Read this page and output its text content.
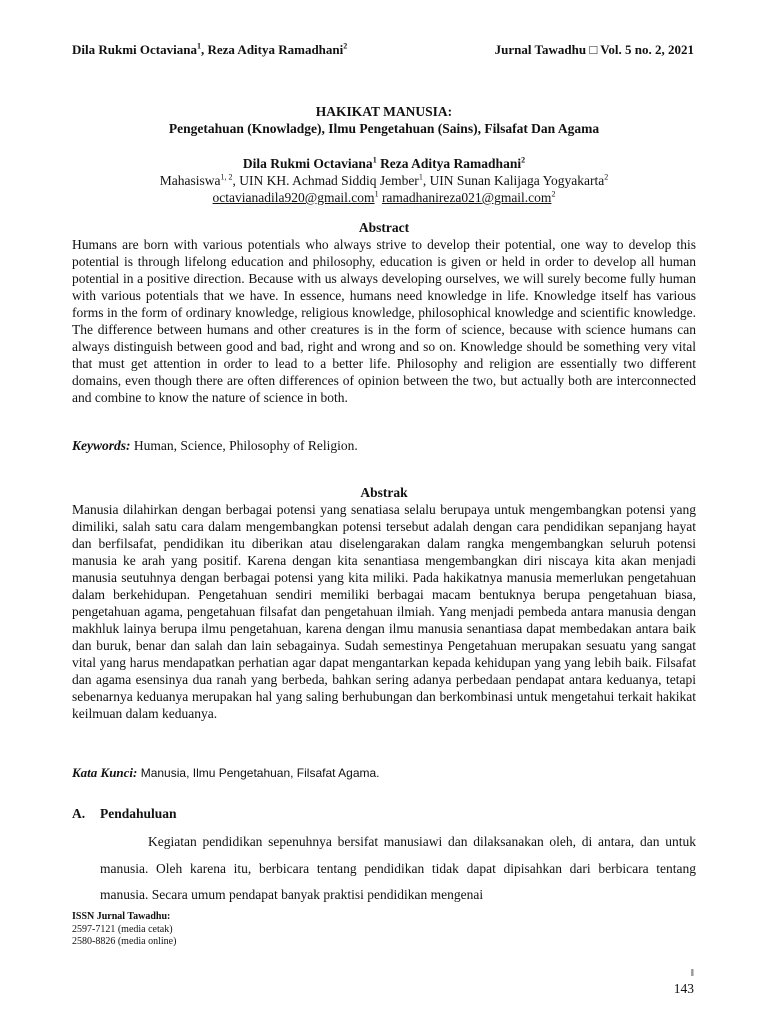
Dila Rukmi Octaviana$^1$, Reza Aditya Ramadhani$^2$	Jurnal Tawadhu □ Vol. 5 no. 2, 2021

HAKIKAT MANUSIA:

Pengetahuan (Knowladge), Ilmu Pengetahuan (Sains), Filsafat Dan Agama

Dila Rukmi Octaviana$^1$ Reza Aditya Ramadhani$^2$

Mahasiswa$^{1, 2}$, UIN KH. Achmad Siddiq Jember$^1$, UIN Sunan Kalijaga Yogyakarta$^2$

octavianadila920@gmail.com$^1$ ramadhanireza021@gmail.com$^2$

Abstract

Humans are born with various potentials who always strive to develop their potential, one way to develop this potential is through lifelong education and philosophy, education is given or held in order to develop all human potential in a positive direction. Because with us always developing ourselves, we will surely become fully human with various potentials that we have. In essence, humans need knowledge in life. Knowledge itself has various forms in the form of ordinary knowledge, religious knowledge, philosophical knowledge and scientific knowledge. The difference between humans and other creatures is in the form of science, because with science humans can always distinguish between good and bad, right and wrong and so on. Knowledge should be something very vital that must get attention in order to lead to a better life. Philosophy and religion are essentially two different domains, even though there are often differences of opinion between the two, but actually both are interconnected and combine to know the nature of science in both.

Keywords: Human, Science, Philosophy of Religion.
Abstrak

Manusia dilahirkan dengan berbagai potensi yang senatiasa selalu berupaya untuk mengembangkan potensi yang dimiliki, salah satu cara dalam mengembangkan potensi tersebut adalah dengan cara pendidikan sepanjang hayat dan berfilsafat, pendidikan itu diberikan atau diselengarakan dalam rangka mengembangkan seluruh potensi manusia ke arah yang positif. Karena dengan kita senantiasa mengembangkan diri niscaya kita akan menjadi manusia seutuhnya dengan berbagai potensi yang kita miliki. Pada hakikatnya manusia memerlukan pengetahuan dalam berkehidupan. Pengetahuan sendiri memiliki berbagai macam bentuknya berupa pengetahuan biasa, pengetahuan agama, pengetahuan filsafat dan pengetahuan ilmiah. Yang menjadi pembeda antara manusia dengan makhluk lainya berupa ilmu pengetahuan, karena dengan ilmu manusia senantiasa dapat membedakan antara baik dan buruk, benar dan salah dan lain sebagainya. Sudah semestinya Pengetahuan merupakan sesuatu yang sangat vital yang harus mendapatkan perhatian agar dapat mengantarkan kepada kehidupan yang yang lebih baik. Filsafat dan agama esensinya dua ranah yang berbeda, bahkan sering adanya perbedaan pendapat antara keduanya, tetapi sebenarnya keduanya merupakan hal yang saling berhubungan dan berkombinasi untuk mengetahui terkait hakikat keilmuan dalam keduanya.

Kata Kunci: Manusia, Ilmu Pengetahuan, Filsafat Agama.
A. Pendahuluan

Kegiatan pendidikan sepenuhnya bersifat manusiawi dan dilaksanakan oleh, di antara, dan untuk manusia. Oleh karena itu, berbicara tentang pendidikan tidak dapat dipisahkan dari berbicara tentang manusia. Secara umum pendapat banyak praktisi pendidikan mengenai

ISSN Jurnal Tawadhu:
2597-7121 (media cetak)
2580-8826 (media online)
‖
143
